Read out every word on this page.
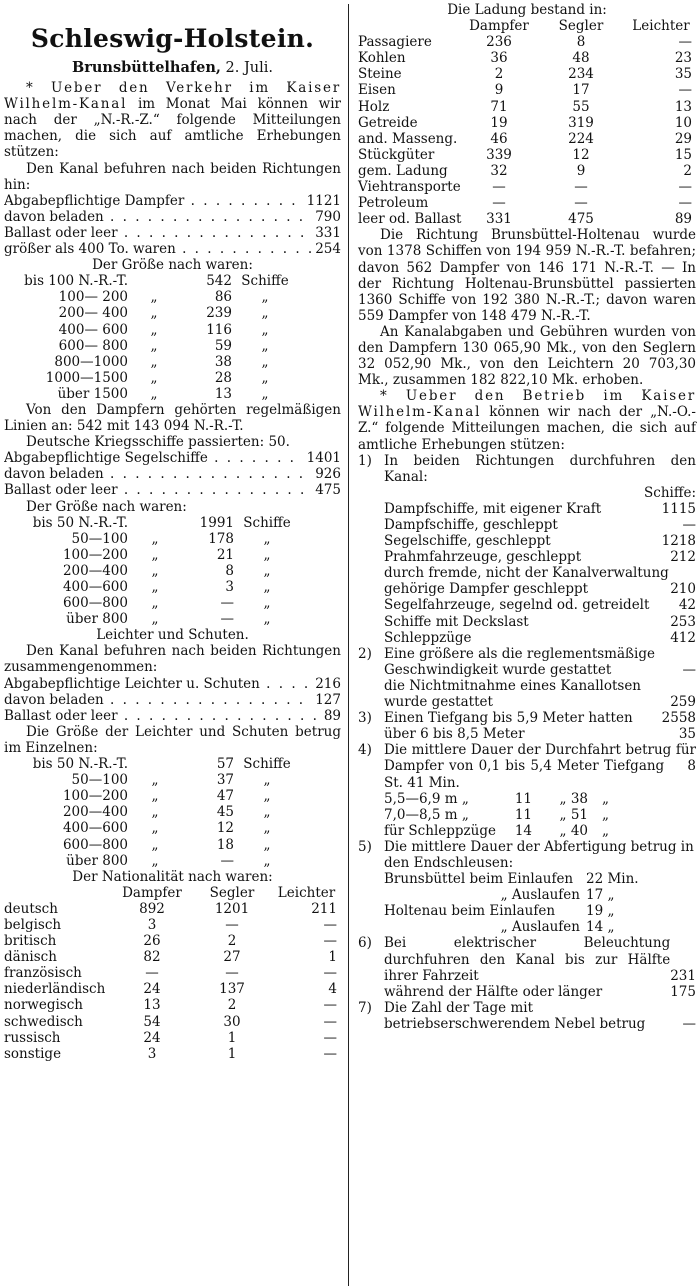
Schleswig-Holstein.
Brunsbüttelhafen, 2. Juli.

* Ueber den Verkehr im Kaiser Wilhelm-Kanal im Monat Mai können wir nach der „N.-R.-Z.“ folgende Mitteilungen machen, die sich auf amtliche Erhebungen stützen:

Den Kanal befuhren nach beiden Richtungen hin:

Abgabepflichtige Dampfer . . .	1121
davon beladen . . .	790
Ballast oder leer . . .	331
größer als 400 To. waren . . .	254

Der Größe nach waren:

bis 100 N.-R.-T.	542 Schiffe
100— 200	„	86	„
200— 400	„	239	„
400— 600	„	116	„
600— 800	„	59	„
800—1000	„	38	„
1000—1500	„	28	„
über 1500	„	13	„

Von den Dampfern gehörten regelmäßigen Linien an: 542 mit 143 094 N.-R.-T.

Deutsche Kriegsschiffe passierten: 50.

Abgabepflichtige Segelschiffe . . .	1401
davon beladen . . .	926
Ballast oder leer . . .	475

Der Größe nach waren:

bis 50 N.-R.-T.	1991 Schiffe
50—100	„	178	„
100—200	„	21	„
200—400	„	8	„
400—600	„	3	„
600—800	„	—	„
über 800	„	—	„

Leichter und Schuten.

Den Kanal befuhren nach beiden Richtungen zusammengenommen:

Abgabepflichtige Leichter u. Schuten . . .	216
davon beladen . . .	127
Ballast oder leer . . .	89

Die Größe der Leichter und Schuten betrug im Einzelnen:

bis 50 N.-R.-T.	57 Schiffe
50—100	„	37	„
100—200	„	47	„
200—400	„	45	„
400—600	„	12	„
600—800	„	18	„
über 800	„	—	„

Der Nationalität nach waren:

	Dampfer	Segler	Leichter
deutsch	892	1201	211
belgisch	3	—	—
britisch	26	2	—
dänisch	82	27	1
französisch	—	—	—
niederländisch	24	137	4
norwegisch	13	2	—
schwedisch	54	30	—
russisch	24	1	—
sonstige	3	1	—

Die Ladung bestand in:

	Dampfer	Segler	Leichter
Passagiere	236	8	—
Kohlen	36	48	23
Steine	2	234	35
Eisen	9	17	—
Holz	71	55	13
Getreide	19	319	10
and. Masseng.	46	224	29
Stückgüter	339	12	15
gem. Ladung	32	9	2
Viehtransporte	—	—	—
Petroleum	—	—	—
leer od. Ballast	331	475	89

Die Richtung Brunsbüttel-Holtenau wurde von 1378 Schiffen von 194 959 N.-R.-T. befahren; davon 562 Dampfer von 146 171 N.-R.-T. — In der Richtung Holtenau-Brunsbüttel passierten 1360 Schiffe von 192 380 N.-R.-T.; davon waren 559 Dampfer von 148 479 N.-R.-T.

An Kanalabgaben und Gebühren wurden von den Dampfern 130 065,90 Mk., von den Seglern 32 052,90 Mk., von den Leichtern 20 703,30 Mk., zusammen 182 822,10 Mk. erhoben.

* Ueber den Betrieb im Kaiser Wilhelm-Kanal können wir nach der „N.-O.-Z.“ folgende Mitteilungen machen, die sich auf amtliche Erhebungen stützen:

1) In beiden Richtungen durchfuhren den Kanal:

Schiffe:
Dampfschiffe, mit eigener Kraft	1115
Dampfschiffe, geschleppt	—
Segelschiffe, geschleppt	1218
Prahmfahrzeuge, geschleppt	212
durch fremde, nicht der Kanalverwaltung gehörige Dampfer geschleppt	210
Segelfahrzeuge, segelnd od. getreidelt	42
Schiffe mit Deckslast	253
Schleppzüge	412
2) Eine größere als die reglementsmäßige Geschwindigkeit wurde gestattet	—
die Nichtmitnahme eines Kanallotsen wurde gestattet	259
3) Einen Tiefgang bis 5,9 Meter hatten	2558
über 6 bis 8,5 Meter	35
4) Die mittlere Dauer der Durchfahrt betrug für Dampfer von 0,1 bis 5,4 Meter Tiefgang 8 St. 41 Min.

5,5—6,9 m „	11	„ 38	„
7,0—8,5 m „	11	„ 51	„
für Schleppzüge	14	„ 40	„
5) Die mittlere Dauer der Abfertigung betrug in den Endschleusen:

Brunsbüttel beim Einlaufen 22 Min.
„ Auslaufen 17 „
Holtenau beim Einlaufen	19 „
„ Auslaufen 14 „
6) Bei elektrischer Beleuchtung durchfuhren den Kanal bis zur Hälfte ihrer Fahrzeit	231
während der Hälfte oder länger	175
7) Die Zahl der Tage mit betriebserschwerendem Nebel betrug	—
